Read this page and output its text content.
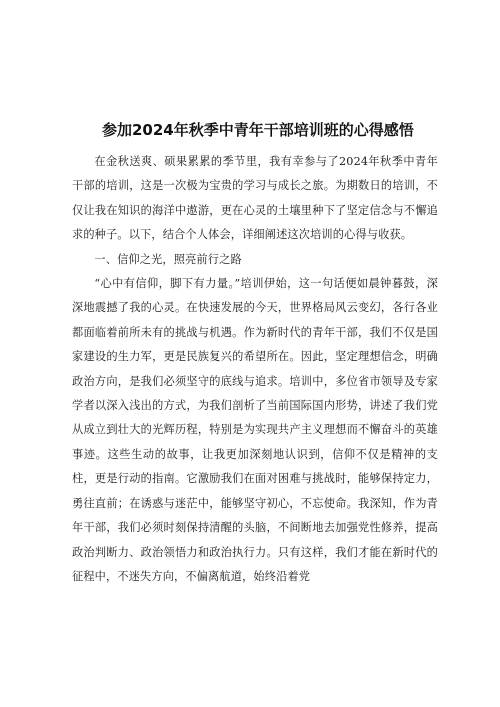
参加2024年秋季中青年干部培训班的心得感悟

在金秋送爽、硕果累累的季节里，我有幸参与了2024年秋季中青年干部的培训，这是一次极为宝贵的学习与成长之旅。为期数日的培训，不仅让我在知识的海洋中遨游，更在心灵的土壤里种下了坚定信念与不懈追求的种子。以下，结合个人体会，详细阐述这次培训的心得与收获。

一、信仰之光，照亮前行之路

“心中有信仰，脚下有力量。”培训伊始，这一句话便如晨钟暮鼓，深深地震撼了我的心灵。在快速发展的今天，世界格局风云变幻，各行各业都面临着前所未有的挑战与机遇。作为新时代的青年干部，我们不仅是国家建设的生力军，更是民族复兴的希望所在。因此，坚定理想信念，明确政治方向，是我们必须坚守的底线与追求。培训中，多位省市领导及专家学者以深入浅出的方式，为我们剖析了当前国际国内形势，讲述了我们党从成立到壮大的光辉历程，特别是为实现共产主义理想而不懈奋斗的英雄事迹。这些生动的故事，让我更加深刻地认识到，信仰不仅是精神的支柱，更是行动的指南。它激励我们在面对困难与挑战时，能够保持定力，勇往直前；在诱惑与迷茫中，能够坚守初心，不忘使命。我深知，作为青年干部，我们必须时刻保持清醒的头脑，不间断地去加强党性修养，提高政治判断力、政治领悟力和政治执行力。只有这样，我们才能在新时代的征程中，不迷失方向，不偏离航道，始终沿着党
